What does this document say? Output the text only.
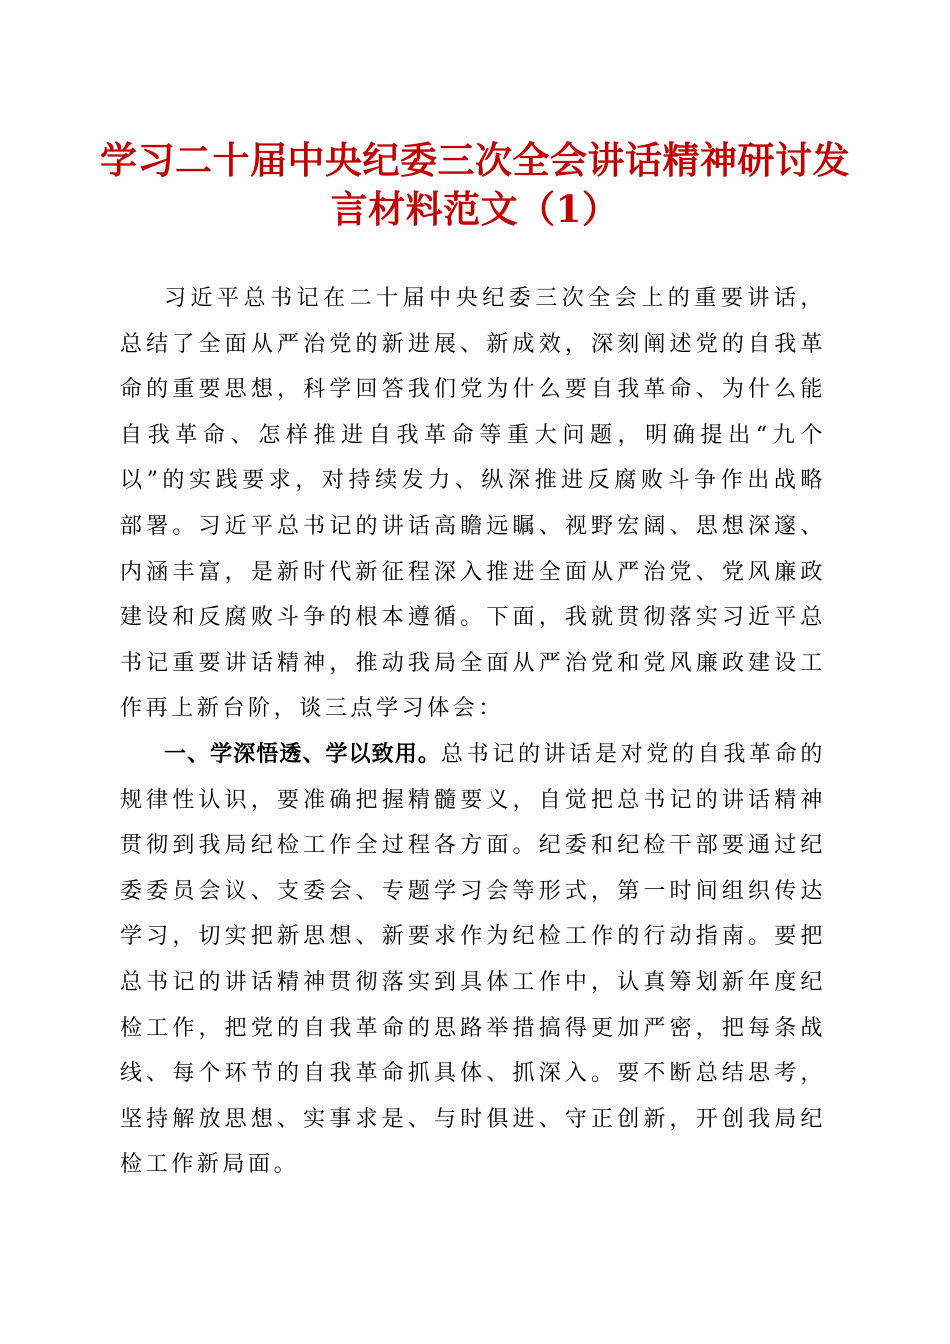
学习二十届中央纪委三次全会讲话精神研讨发
言材料范文（1）

习近平总书记在二十届中央纪委三次全会上的重要讲话，总结了全面从严治党的新进展、新成效，深刻阐述党的自我革命的重要思想，科学回答我们党为什么要自我革命、为什么能自我革命、怎样推进自我革命等重大问题，明确提出“九个以”的实践要求，对持续发力、纵深推进反腐败斗争作出战略部署。习近平总书记的讲话高瞻远瞩、视野宏阔、思想深邃、内涵丰富，是新时代新征程深入推进全面从严治党、党风廉政建设和反腐败斗争的根本遵循。下面，我就贯彻落实习近平总书记重要讲话精神，推动我局全面从严治党和党风廉政建设工作再上新台阶，谈三点学习体会：

一、学深悟透、学以致用。总书记的讲话是对党的自我革命的规律性认识，要准确把握精髓要义，自觉把总书记的讲话精神贯彻到我局纪检工作全过程各方面。纪委和纪检干部要通过纪委委员会议、支委会、专题学习会等形式，第一时间组织传达学习，切实把新思想、新要求作为纪检工作的行动指南。要把总书记的讲话精神贯彻落实到具体工作中，认真筹划新年度纪检工作，把党的自我革命的思路举措搞得更加严密，把每条战线、每个环节的自我革命抓具体、抓深入。要不断总结思考，坚持解放思想、实事求是、与时俱进、守正创新，开创我局纪检工作新局面。
